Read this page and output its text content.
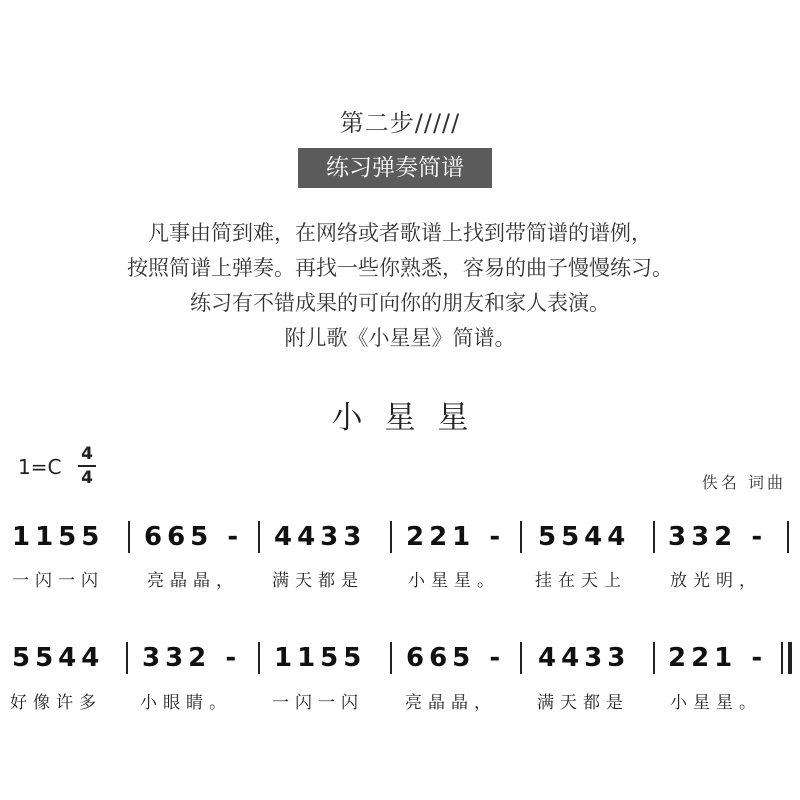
第二步/////
练习弹奏简谱
凡事由简到难，在网络或者歌谱上找到带简谱的谱例，
按照简谱上弹奏。再找一些你熟悉，容易的曲子慢慢练习。
练习有不错成果的可向你的朋友和家人表演。
附儿歌《小星星》简谱。
小星星
1=C
4
4	佚名 词曲
1155 665 - 4433 221 - 5544 332 -
一闪一闪	亮晶晶， 满天都是	小星星。 挂在天上	放光明，
5544 332 - 1155 665 - 4433 221 -
好像许多 小眼睛。 一闪一闪 亮晶晶， 满天都是 小星星。
